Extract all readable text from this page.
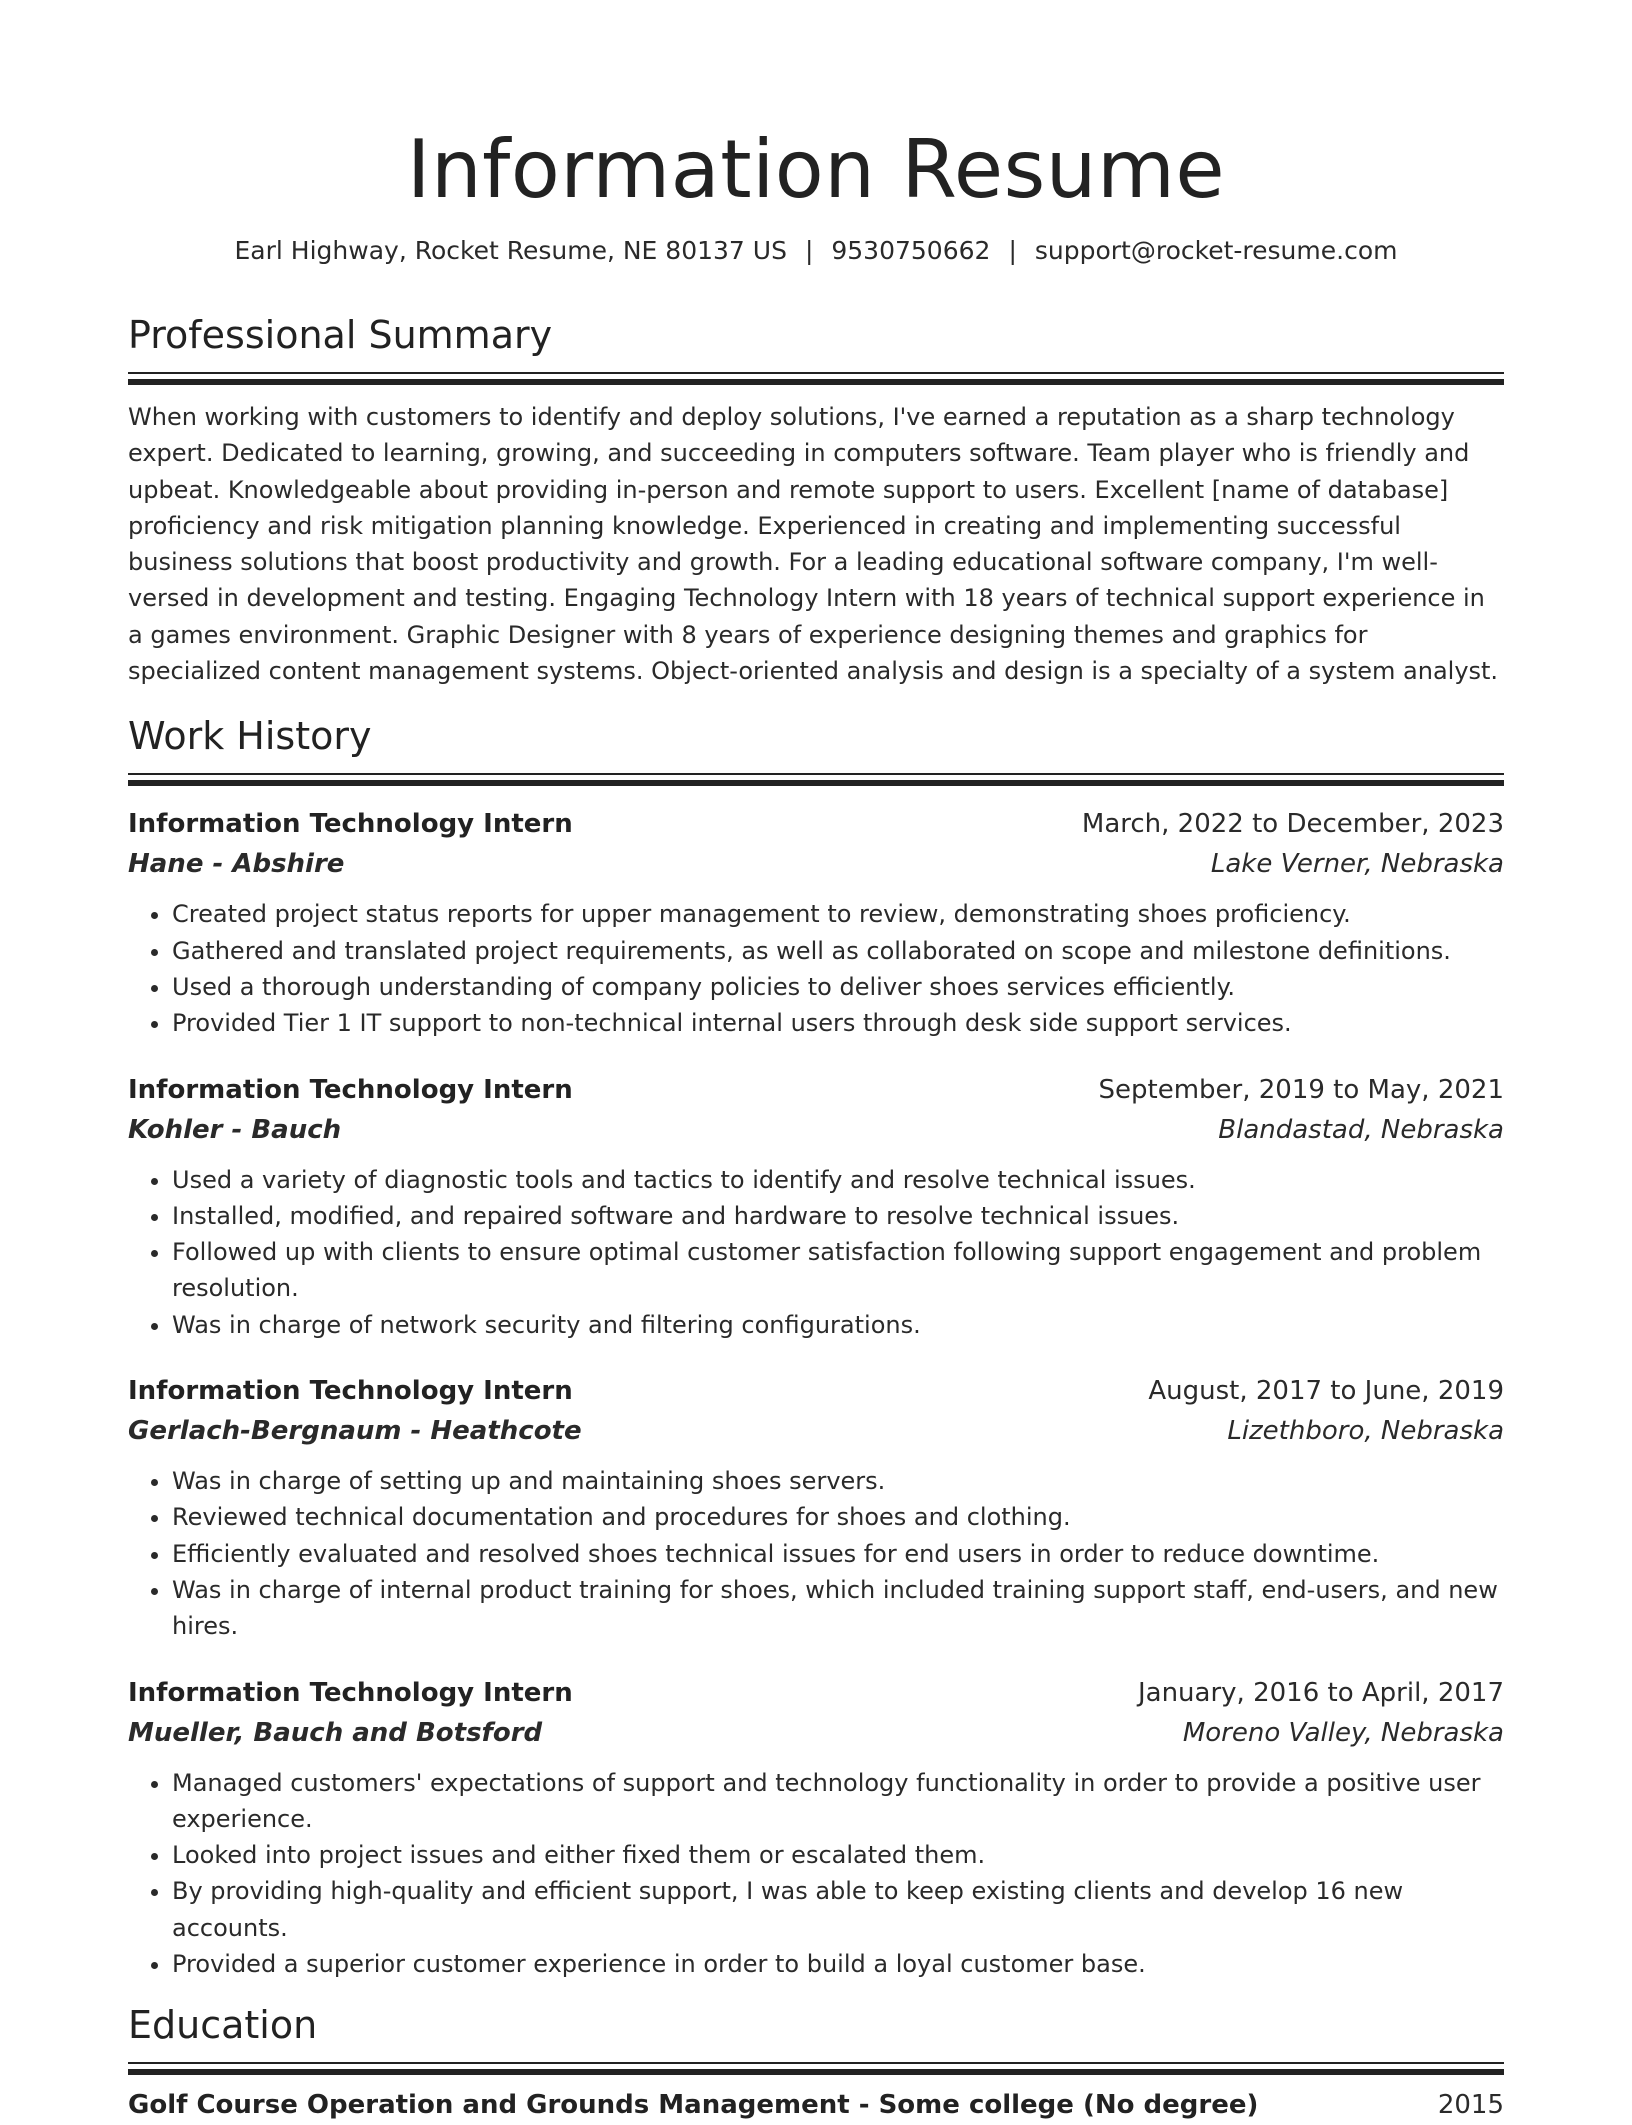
Information Resume
Earl Highway, Rocket Resume, NE 80137 US | 9530750662 | support@rocket-resume.com
Professional Summary

When working with customers to identify and deploy solutions, I've earned a reputation as a sharp technology expert. Dedicated to learning, growing, and succeeding in computers software. Team player who is friendly and upbeat. Knowledgeable about providing in-person and remote support to users. Excellent [name of database] proficiency and risk mitigation planning knowledge. Experienced in creating and implementing successful business solutions that boost productivity and growth. For a leading educational software company, I'm well-versed in development and testing. Engaging Technology Intern with 18 years of technical support experience in a games environment. Graphic Designer with 8 years of experience designing themes and graphics for specialized content management systems. Object-oriented analysis and design is a specialty of a system analyst.

Work History
Information Technology Intern	March, 2022 to December, 2023
Hane - Abshire	Lake Verner, Nebraska
• Created project status reports for upper management to review, demonstrating shoes proficiency.
• Gathered and translated project requirements, as well as collaborated on scope and milestone definitions.
• Used a thorough understanding of company policies to deliver shoes services efficiently.
• Provided Tier 1 IT support to non-technical internal users through desk side support services.
Information Technology Intern	September, 2019 to May, 2021
Kohler - Bauch	Blandastad, Nebraska
• Used a variety of diagnostic tools and tactics to identify and resolve technical issues.
• Installed, modified, and repaired software and hardware to resolve technical issues.
• Followed up with clients to ensure optimal customer satisfaction following support engagement and problem resolution.
• Was in charge of network security and filtering configurations.
Information Technology Intern	August, 2017 to June, 2019
Gerlach-Bergnaum - Heathcote	Lizethboro, Nebraska
• Was in charge of setting up and maintaining shoes servers.
• Reviewed technical documentation and procedures for shoes and clothing.
• Efficiently evaluated and resolved shoes technical issues for end users in order to reduce downtime.
• Was in charge of internal product training for shoes, which included training support staff, end-users, and new hires.
Information Technology Intern	January, 2016 to April, 2017
Mueller, Bauch and Botsford	Moreno Valley, Nebraska
• Managed customers' expectations of support and technology functionality in order to provide a positive user experience.
• Looked into project issues and either fixed them or escalated them.
• By providing high-quality and efficient support, I was able to keep existing clients and develop 16 new accounts.
• Provided a superior customer experience in order to build a loyal customer base.
Education
Golf Course Operation and Grounds Management - Some college (No degree)	2015
